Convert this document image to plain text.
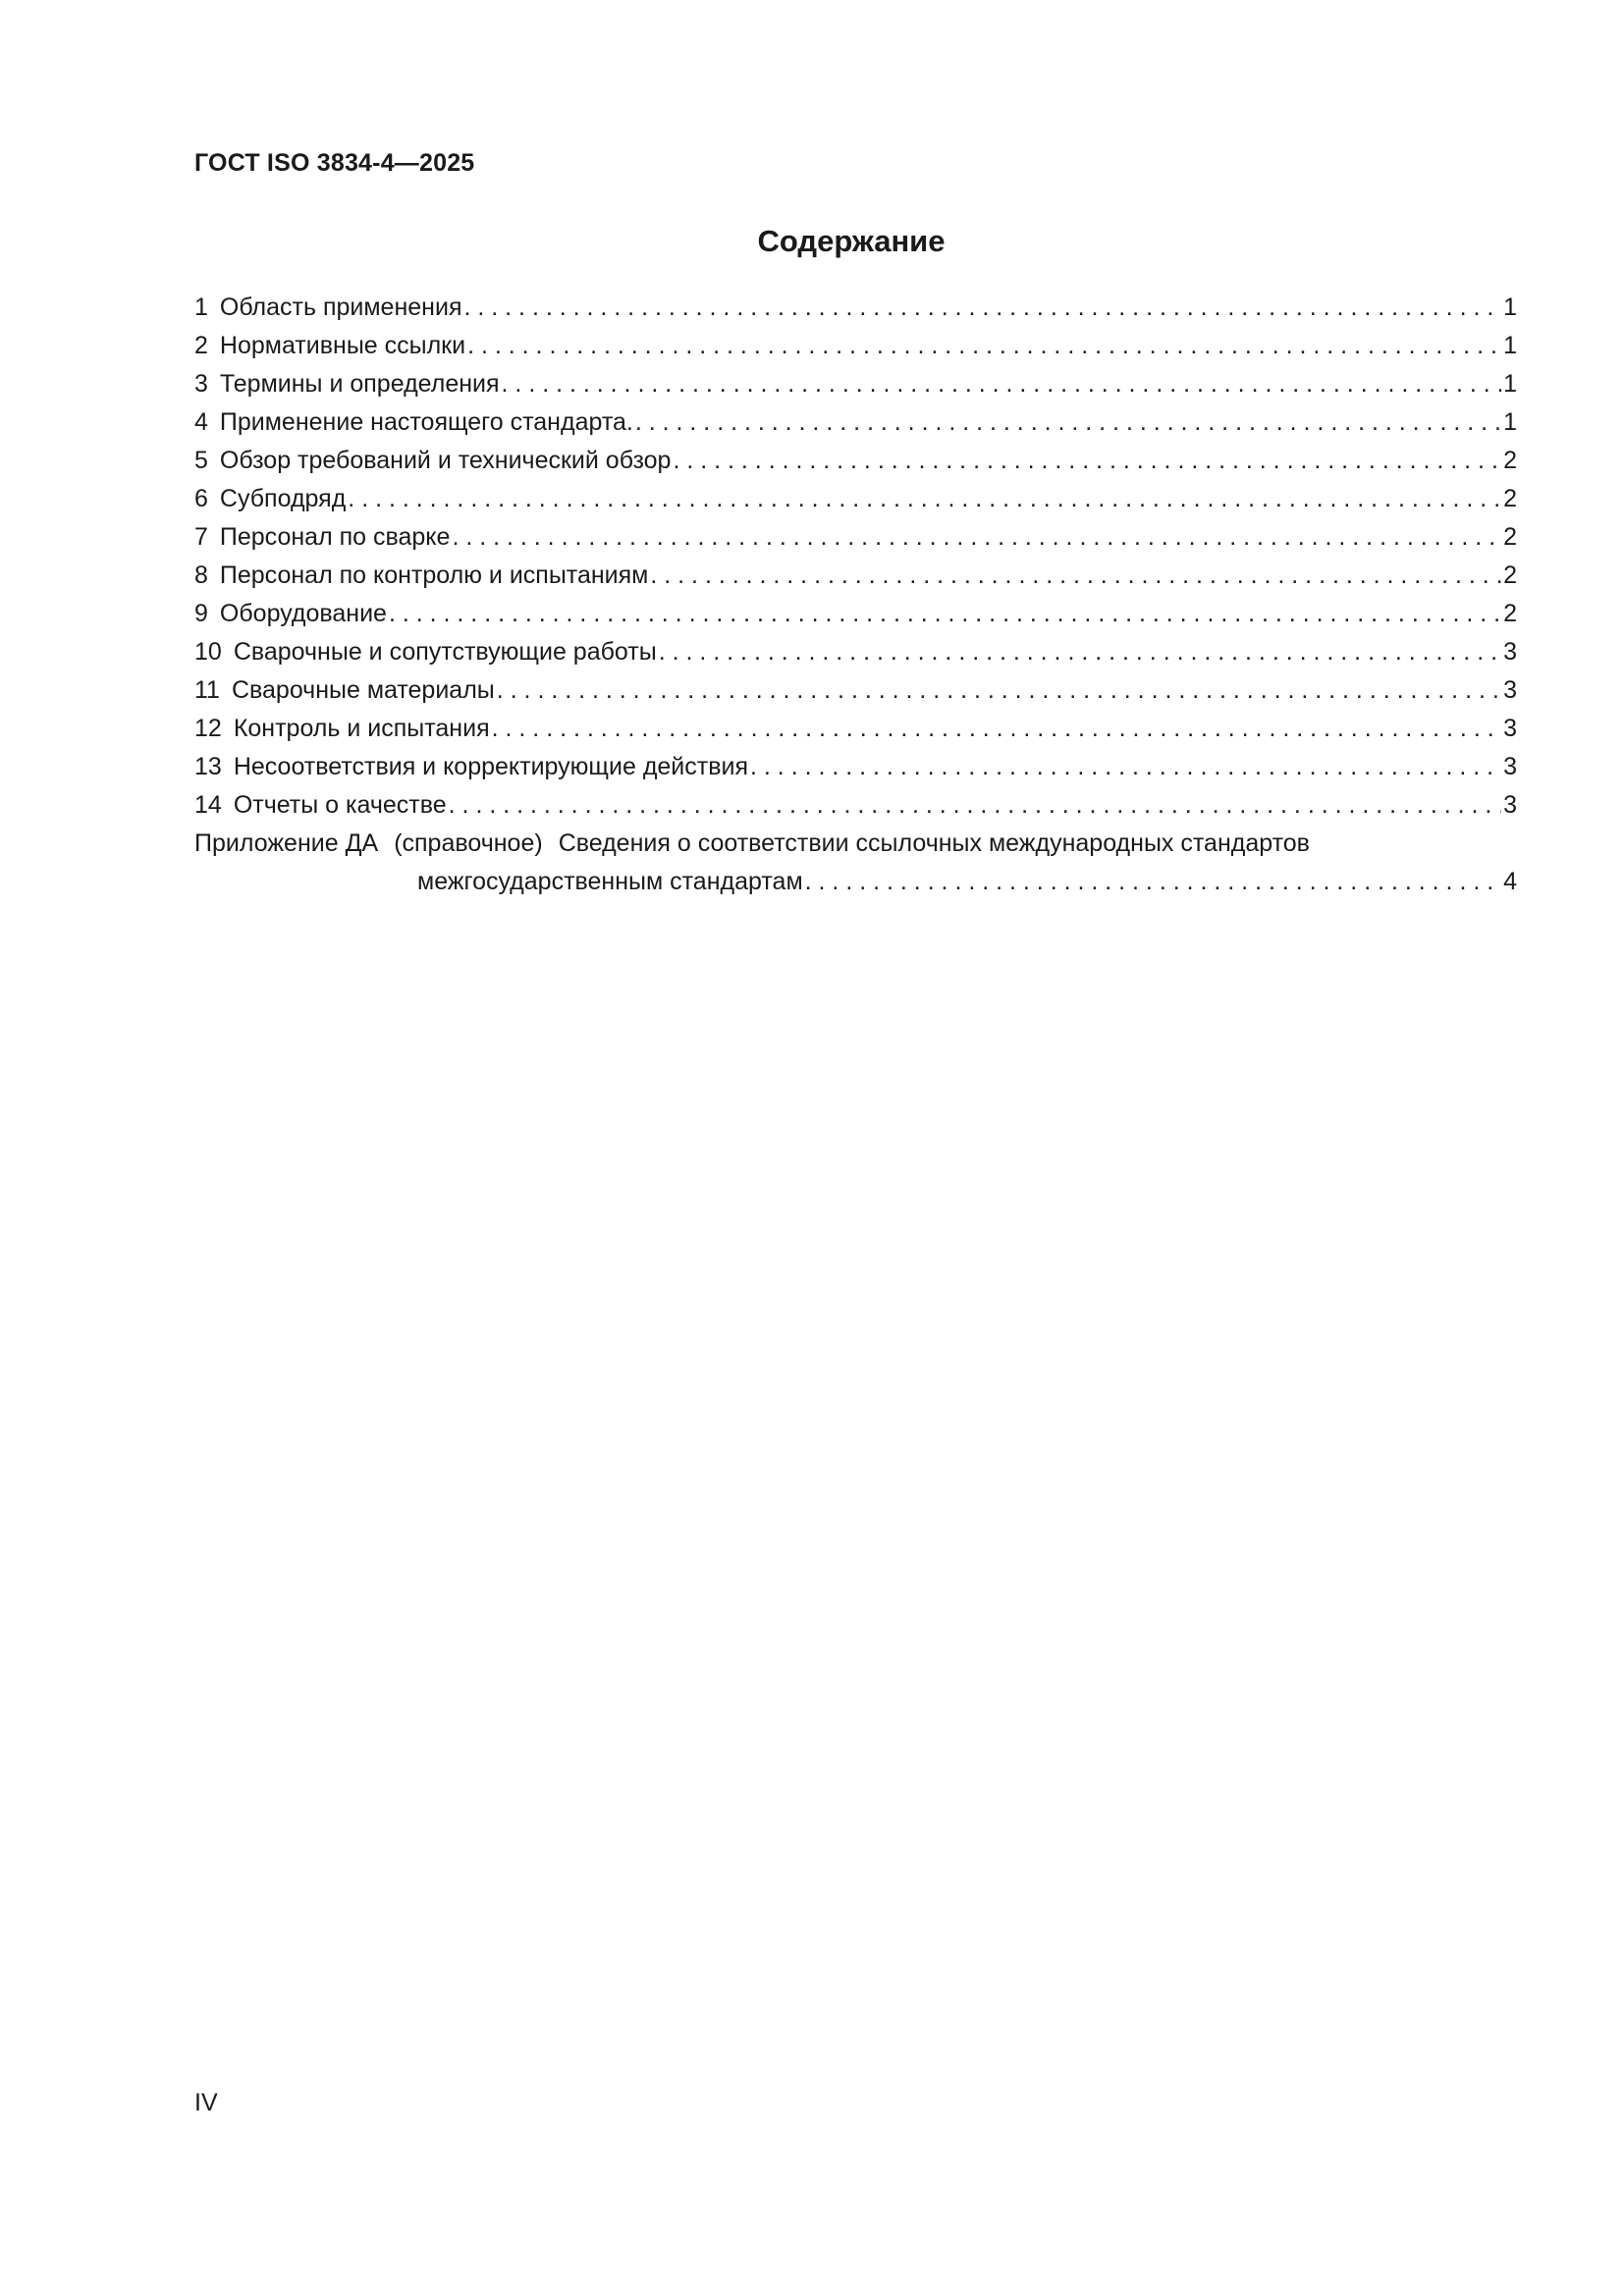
ГОСТ ISO 3834-4—2025
Содержание
1 Область применения . . .	1
2 Нормативные ссылки . . .	1
3 Термины и определения . . .	1
4 Применение настоящего стандарта. . . .	1
5 Обзор требований и технический обзор . . .	2
6 Субподряд . . .	2
7 Персонал по сварке . . .	2
8 Персонал по контролю и испытаниям . . .	2
9 Оборудование . . .	2
10 Сварочные и сопутствующие работы . . .	3
11 Сварочные материалы . . .	3
12 Контроль и испытания . . .	3
13 Несоответствия и корректирующие действия . . .	3
14 Отчеты о качестве . . .	3
Приложение ДА (справочное) Сведения о соответствии ссылочных международных стандартов
межгосударственным стандартам . . .	4
IV
